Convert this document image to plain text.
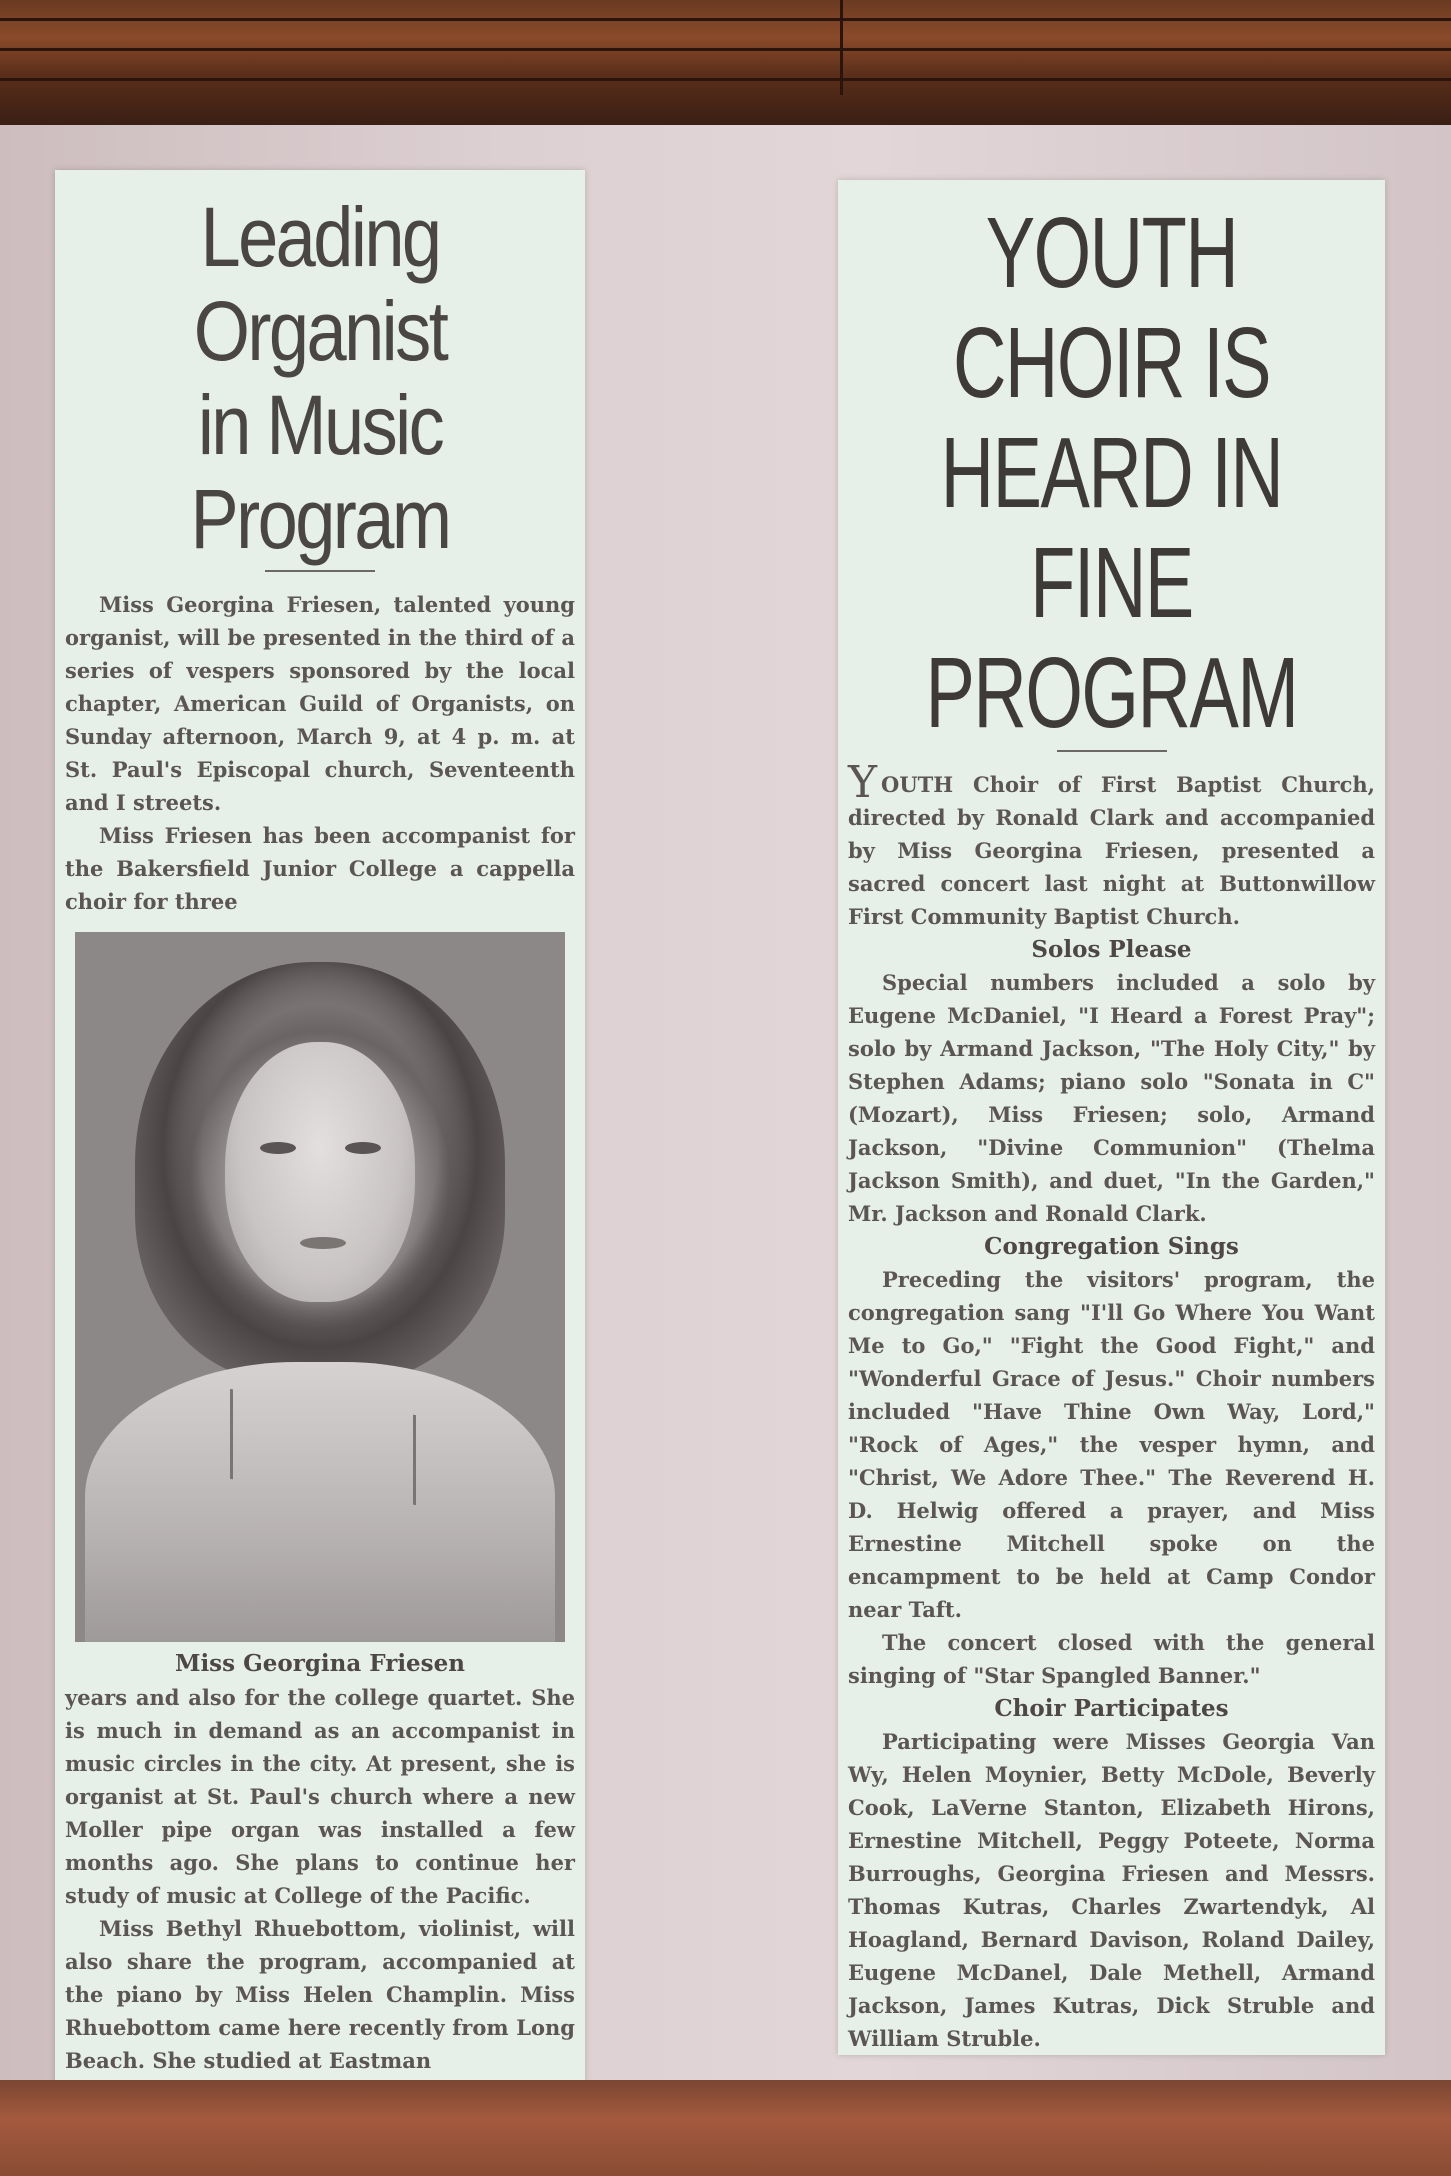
Leading Organist
in Music Program

Miss Georgina Friesen, talented young organist, will be presented in the third of a series of vespers sponsored by the local chapter, American Guild of Organists, on Sunday afternoon, March 9, at 4 p. m. at St. Paul's Episcopal church, Seventeenth and I streets.

Miss Friesen has been accompanist for the Bakersfield Junior College a cappella choir for three

Miss Georgina Friesen

years and also for the college quartet. She is much in demand as an accompanist in music circles in the city. At present, she is organist at St. Paul's church where a new Moller pipe organ was installed a few months ago. She plans to continue her study of music at College of the Pacific.

Miss Bethyl Rhuebottom, violinist, will also share the program, accompanied at the piano by Miss Helen Champlin. Miss Rhuebottom came here recently from Long Beach. She studied at Eastman

YOUTH CHOIR IS
HEARD IN FINE
PROGRAM
YOUTH Choir of First Baptist Church, directed by Ronald Clark and accompanied by Miss Georgina Friesen, presented a sacred concert last night at Buttonwillow First Community Baptist Church.
Solos Please

Special numbers included a solo by Eugene McDaniel, "I Heard a Forest Pray"; solo by Armand Jackson, "The Holy City," by Stephen Adams; piano solo "Sonata in C" (Mozart), Miss Friesen; solo, Armand Jackson, "Divine Communion" (Thelma Jackson Smith), and duet, "In the Garden," Mr. Jackson and Ronald Clark.

Congregation Sings

Preceding the visitors' program, the congregation sang "I'll Go Where You Want Me to Go," "Fight the Good Fight," and "Wonderful Grace of Jesus." Choir numbers included "Have Thine Own Way, Lord," "Rock of Ages," the vesper hymn, and "Christ, We Adore Thee." The Reverend H. D. Helwig offered a prayer, and Miss Ernestine Mitchell spoke on the encampment to be held at Camp Condor near Taft.

The concert closed with the general singing of "Star Spangled Banner."

Choir Participates

Participating were Misses Georgia Van Wy, Helen Moynier, Betty McDole, Beverly Cook, LaVerne Stanton, Elizabeth Hirons, Ernestine Mitchell, Peggy Poteete, Norma Burroughs, Georgina Friesen and Messrs. Thomas Kutras, Charles Zwartendyk, Al Hoagland, Bernard Davison, Roland Dailey, Eugene McDanel, Dale Methell, Armand Jackson, James Kutras, Dick Struble and William Struble.
